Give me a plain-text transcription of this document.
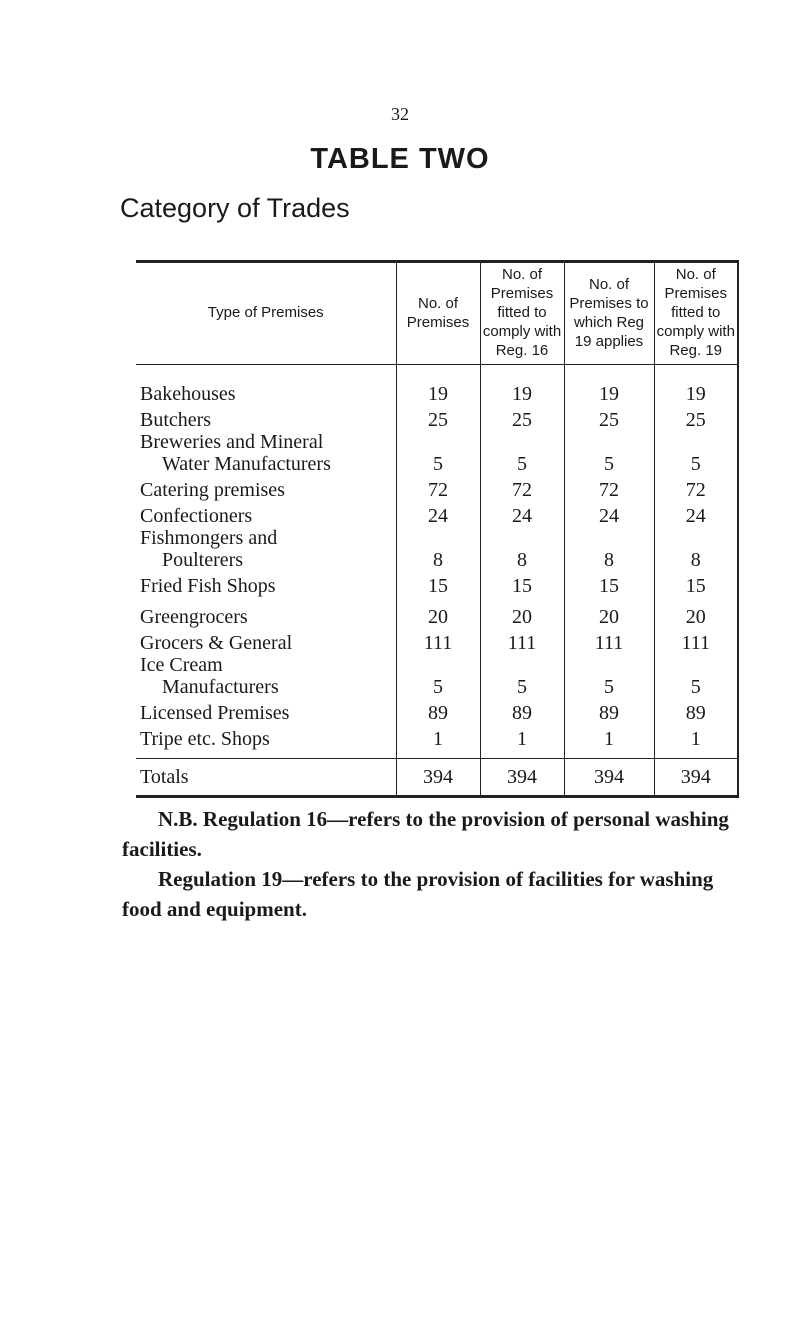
32
TABLE TWO
Category of Trades
Type of Premises	No. of Premises	No. of Premises fitted to comply with Reg. 16	No. of Premises to which Reg 19 applies	No. of Premises fitted to comply with Reg. 19
Bakehouses	19	19	19	19
Butchers	25	25	25	25
Breweries and Mineral
Water Manufacturers	5	5	5	5
Catering premises	72	72	72	72
Confectioners	24	24	24	24
Fishmongers and
Poulterers	8	8	8	8
Fried Fish Shops	15	15	15	15
Greengrocers	20	20	20	20
Grocers & General	111	111	111	111
Ice Cream
Manufacturers	5	5	5	5
Licensed Premises	89	89	89	89
Tripe etc. Shops	1	1	1	1
Totals	394	394	394	394
N.B. Regulation 16—refers to the provision of personal washing facilities.
Regulation 19—refers to the provision of facilities for washing food and equipment.
